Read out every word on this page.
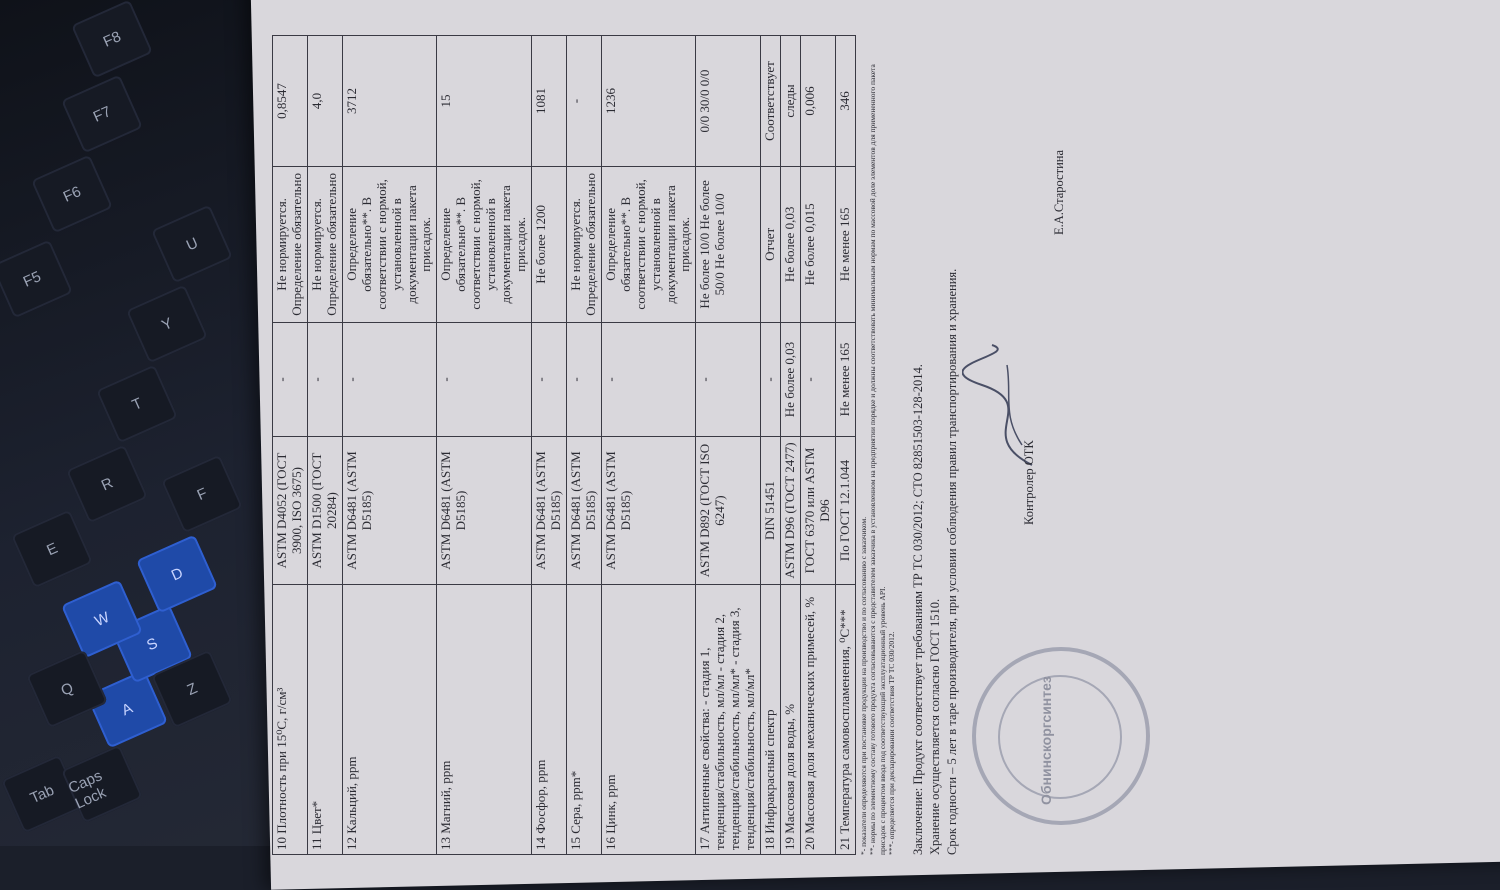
Tab Caps Lock
A
S
D
W
Q
E
R
T
Y
U
F
Z
F5
F6
F7
F8
10 Плотность при 15⁰С, г/см³	ASTM D4052 (ГОСТ 3900, ISO 3675)	-	Не нормируется. Определение обязательно	0,8547
11 Цвет*	ASTM D1500 (ГОСТ 20284)	-	Не нормируется. Определение обязательно	4,0
12 Кальций, ppm	ASTM D6481 (ASTM D5185)	-	Определение обязательно**. В соответствии с нормой, установленной в документации пакета присадок.	3712
13 Магний, ppm	ASTM D6481 (ASTM D5185)	-	Определение обязательно**. В соответствии с нормой, установленной в документации пакета присадок.	15
14 Фосфор, ppm	ASTM D6481 (ASTM D5185)	-	Не более 1200	1081
15 Сера, ppm*	ASTM D6481 (ASTM D5185)	-	Не нормируется. Определение обязательно	-
16 Цинк, ppm	ASTM D6481 (ASTM D5185)	-	Определение обязательно**. В соответствии с нормой, установленной в документации пакета присадок.	1236
17 Антипенные свойства: - стадия 1, тенденция/стабильность, мл/мл - стадия 2, тенденция/стабильность, мл/мл* - стадия 3, тенденция/стабильность, мл/мл*	ASTM D892 (ГОСТ ISO 6247)	-	Не более 10/0 Не более 50/0 Не более 10/0	0/0 30/0 0/0
18 Инфракрасный спектр	DIN 51451	-	Отчет	Соответствует
19 Массовая доля воды, %	ASTM D96 (ГОСТ 2477)	Не более 0,03	Не более 0,03	следы
20 Массовая доля механических примесей, %	ГОСТ 6370 или ASTM D96	-	Не более 0,015	0,006
21 Температура самовоспламенения, ⁰С***	По ГОСТ 12.1.044	Не менее 165	Не менее 165	346
*- показатели определяются при постановке продукции на производство и по согласованию с заказчиком. **- нормы по элементному составу готового продукта согласовываются с представителем заказчика в установленном на предприятии порядке и должны соответствовать минимальным нормам по массовой доле элементов для примененного пакета присадок с процентом ввода под соответствующий эксплуатационный уровень API. ***- определяется при декларировании соответствия ТР ТС 030/2012. Заключение: Продукт соответствует требованиям ТР ТС 030/2012; СТО 82851503-128-2014. Хранение осуществляется согласно ГОСТ 1510. Срок годности – 5 лет в таре производителя, при условии соблюдения правил транспортирования и хранения.	Обнинскоргсинтез
Контролер ОТК
Е.А.Старостина
